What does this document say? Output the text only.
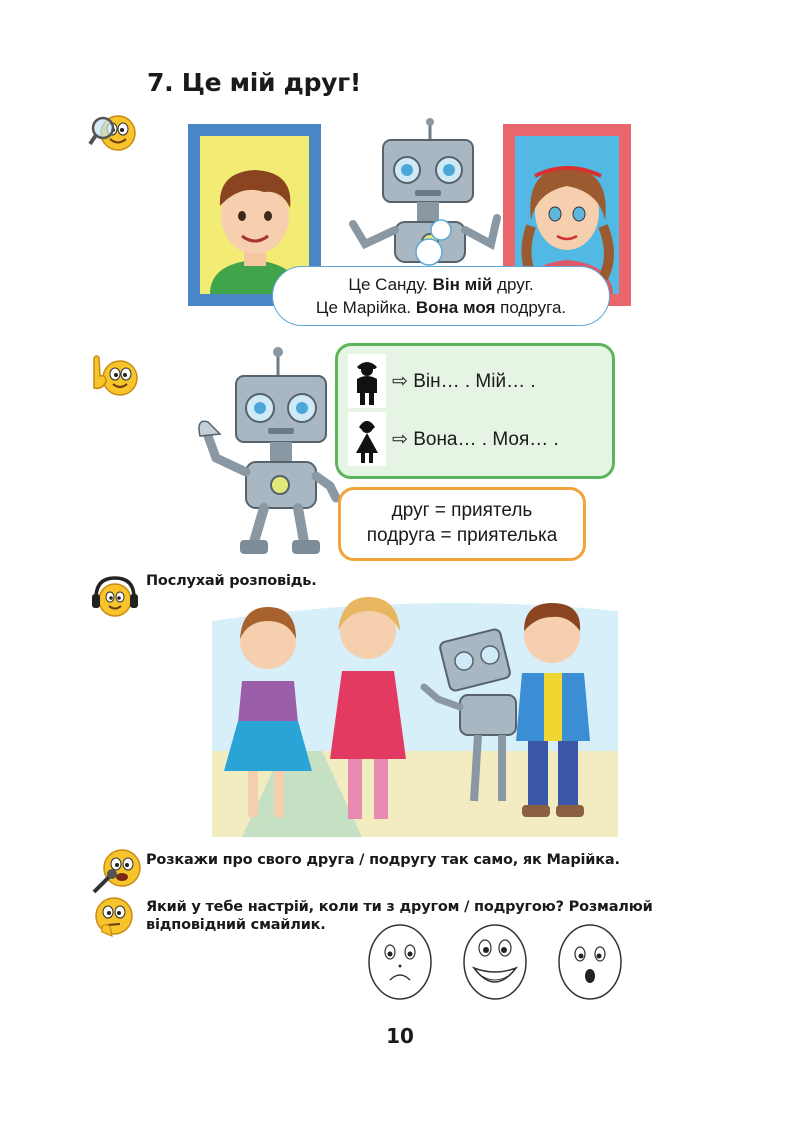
7. Це мій друг!
Це Санду. Він мій друг.
Це Марійка. Вона моя подруга.
⇨ Він… . Мій… .
⇨ Вона… . Моя… .
друг = приятель
подруга = приятелька
Послухай розповідь.
Розкажи про свого друга / подругу так само, як Марійка.
Який у тебе настрій, коли ти з другом / подругою? Розмалюй
відповідний смайлик.
10
